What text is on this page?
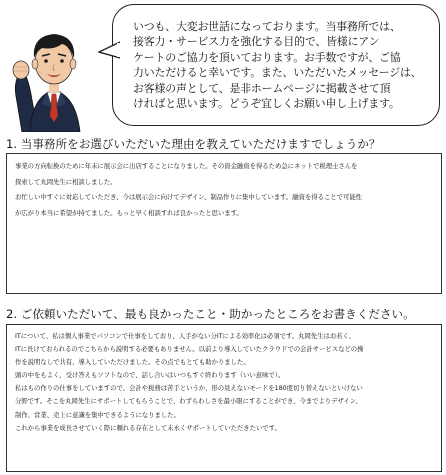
いつも、大変お世話になっております。当事務所では、
接客力・サービス力を強化する目的で、皆様にアン
ケートのご協力を頂いております。お手数ですが、ご協
力いただけると幸いです。また、いただいたメッセージは、
お客様の声として、是非ホームページに掲載させて頂
ければと思います。どうぞ宜しくお願い申し上げます。

1. 当事務所をお選びいただいた理由を教えていただけますでしょうか？

事業の方向転換のために年末に展示会に出店することになりました。その資金融資を得るため急にネットで税理士さんを
探索して丸岡先生に相談しました。
お忙しい中すぐに対応していただき、今は展示会に向けてデザイン、制品作りに集中しています。融資を得ることで可能性
が広がり本当に希望が持てました。もっと早く相談すれば良かったと思います。

2. ご依頼いただいて、最も良かったこと・助かったところをお書きください。

ITについて、私は個人事業でパソコンで仕事をしており、人手がない分ITによる効率化は必須です。丸岡先生はお若く、
ITに長けておられるのでこちらから説明する必要もありません。以前より導入していたクラウドでの会計サービスなどの操
作を説明なしで共有、導入していただけました。その点でもとても助かりました。
頭の中をもよく、受け答えもソフトなので、話し合いはいつもすぐ終わります（いい意味で）。
私はもの作りの仕事をしていますので、会計や税務は苦手というか、形の見えないモードを180度切り替えないといけない
分野です。そこを丸岡先生にサポートしてもらうことで、わずらわしさを最小限にすることができ、今までよりデザイン、
制作、営業、売上に意識を集中できるようになりました。
これから事業を成長させていく際に頼れる存在として末永くサポートしていただきたいです。
